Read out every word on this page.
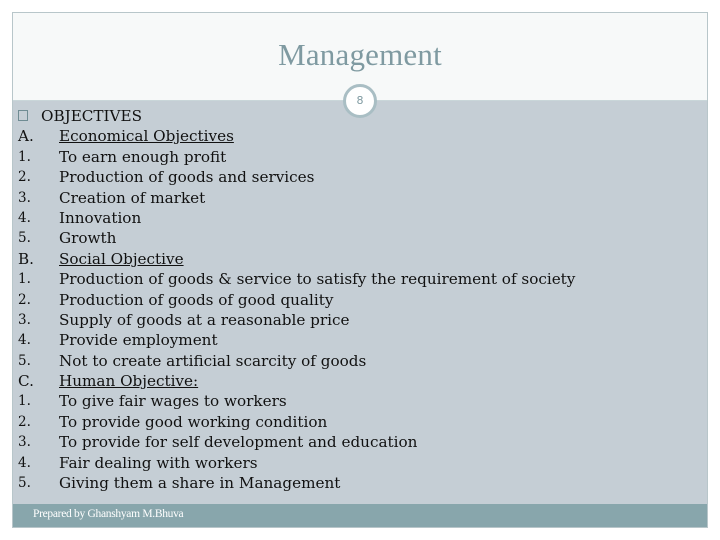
Management
8
Prepared by Ghanshyam M.Bhuva
OBJECTIVES
A. Economical Objectives
1. To earn enough profit
2. Production of goods and services
3. Creation of market
4. Innovation
5. Growth
B. Social Objective
1. Production of goods & service to satisfy the requirement of society
2. Production of goods of good quality
3. Supply of goods at a reasonable price
4. Provide employment
5. Not to create artificial scarcity of goods
C. Human Objective:
1. To give fair wages to workers
2. To provide good working condition
3. To provide for self development and education
4. Fair dealing with workers
5. Giving them a share in Management
